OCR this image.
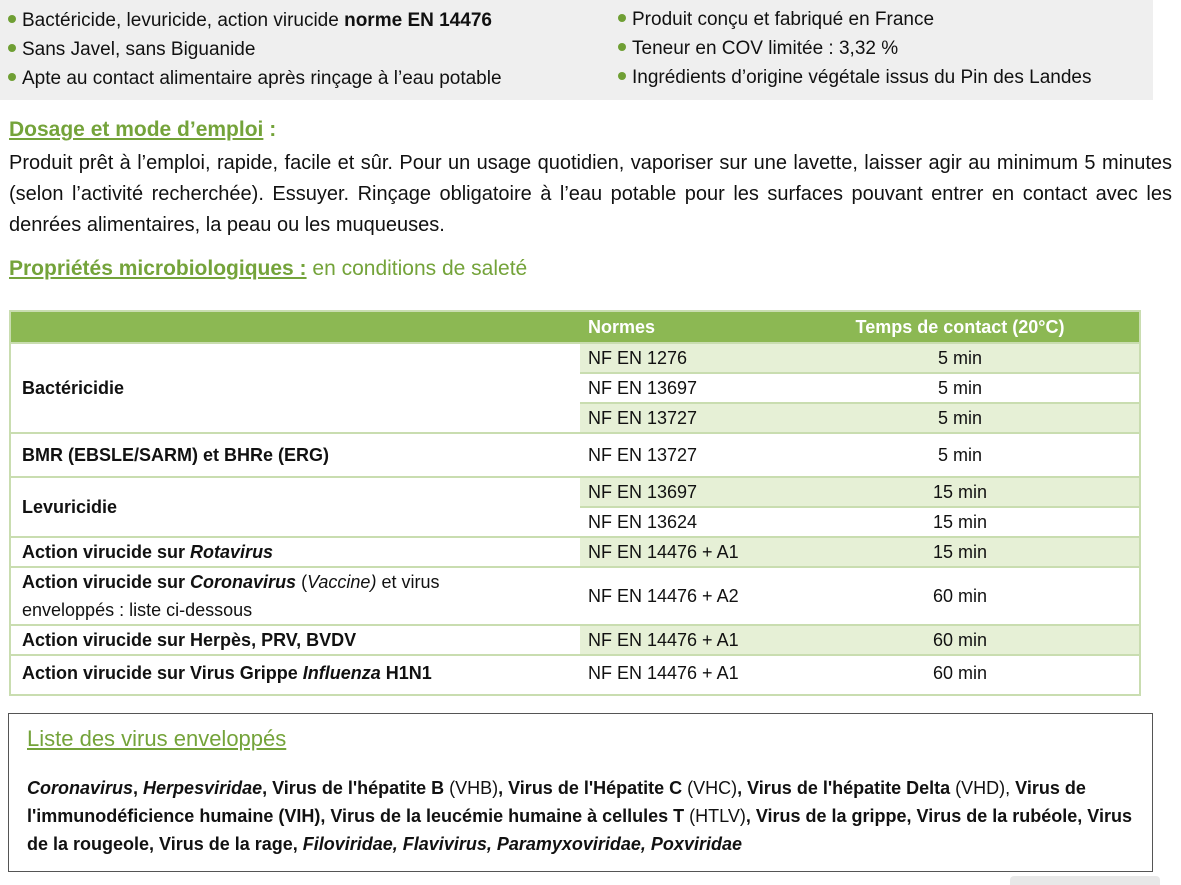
Bactéricide, levuricide, action virucide norme EN 14476
Sans Javel, sans Biguanide
Apte au contact alimentaire après rinçage à l’eau potable
Produit conçu et fabriqué en France
Teneur en COV limitée : 3,32 %
Ingrédients d’origine végétale issus du Pin des Landes
Dosage et mode d’emploi :
Produit prêt à l’emploi, rapide, facile et sûr. Pour un usage quotidien, vaporiser sur une lavette, laisser agir au minimum 5 minutes (selon l’activité recherchée). Essuyer. Rinçage obligatoire à l’eau potable pour les surfaces pouvant entrer en contact avec les denrées alimentaires, la peau ou les muqueuses.
Propriétés microbiologiques : en conditions de saleté
	Normes	Temps de contact (20°C)
Bactéricidie	NF EN 1276	5 min
	NF EN 13697	5 min
	NF EN 13727	5 min
BMR (EBSLE/SARM) et BHRe (ERG)	NF EN 13727	5 min
Levuricidie	NF EN 13697	15 min
	NF EN 13624	15 min
Action virucide sur Rotavirus	NF EN 14476 + A1	15 min
Action virucide sur Coronavirus (Vaccine) et virus
enveloppés : liste ci-dessous	NF EN 14476 + A2	60 min
Action virucide sur Herpès, PRV, BVDV	NF EN 14476 + A1	60 min
Action virucide sur Virus Grippe Influenza H1N1	NF EN 14476 + A1	60 min
Liste des virus enveloppés
Coronavirus, Herpesviridae, Virus de l'hépatite B (VHB), Virus de l'Hépatite C (VHC), Virus de l'hépatite Delta (VHD), Virus de l'immunodéficience humaine (VIH), Virus de la leucémie humaine à cellules T (HTLV), Virus de la grippe, Virus de la rubéole, Virus de la rougeole, Virus de la rage, Filoviridae, Flavivirus, Paramyxoviridae, Poxviridae
